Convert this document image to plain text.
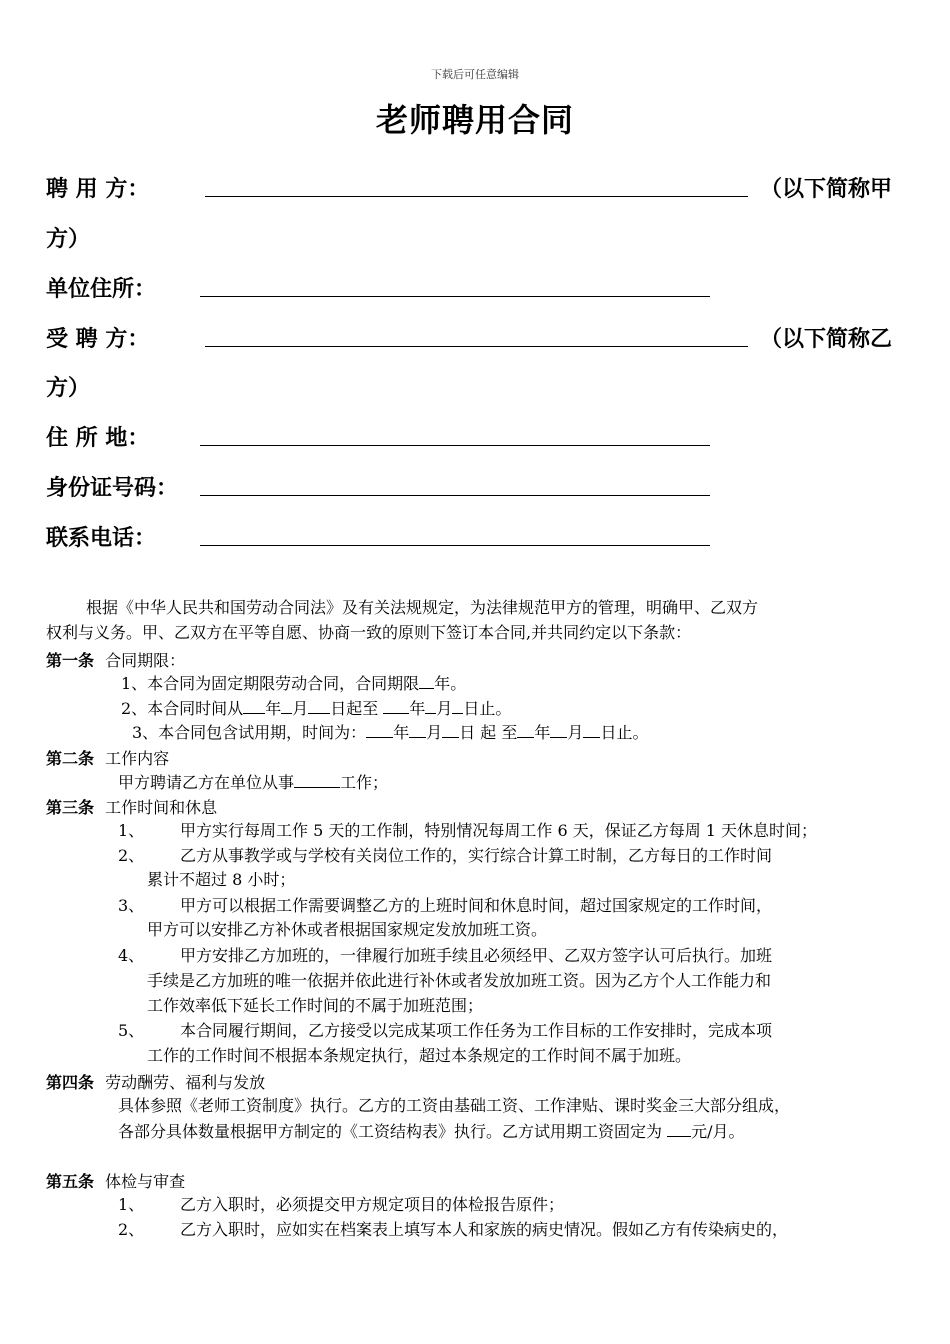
下载后可任意编辑
老师聘用合同
聘 用 方：	（以下简称甲
方）
单位住所：
受 聘 方：	（以下简称乙
方）
住 所 地：
身份证号码：
联系电话：
根据《中华人民共和国劳动合同法》及有关法规规定，为法律规范甲方的管理，明确甲、乙双方
权利与义务。甲、乙双方在平等自愿、协商一致的原则下签订本合同,并共同约定以下条款：
第一条 合同期限：
1、本合同为固定期限劳动合同，合同期限 年。
2、本合同时间从 年 月 日起至 年 月 日止。
3、本合同包含试用期，时间为： 年 月 日 起 至 年 月 日止。
第二条 工作内容
甲方聘请乙方在单位从事	工作；
第三条 工作时间和休息
1、 甲方实行每周工作 5 天的工作制，特别情况每周工作 6 天，保证乙方每周 1 天休息时间；
2、 乙方从事教学或与学校有关岗位工作的，实行综合计算工时制，乙方每日的工作时间
累计不超过 8 小时；
3、 甲方可以根据工作需要调整乙方的上班时间和休息时间，超过国家规定的工作时间，
甲方可以安排乙方补休或者根据国家规定发放加班工资。
4、 甲方安排乙方加班的，一律履行加班手续且必须经甲、乙双方签字认可后执行。加班
手续是乙方加班的唯一依据并依此进行补休或者发放加班工资。因为乙方个人工作能力和
工作效率低下延长工作时间的不属于加班范围；
5、 本合同履行期间，乙方接受以完成某项工作任务为工作目标的工作安排时，完成本项
工作的工作时间不根据本条规定执行，超过本条规定的工作时间不属于加班。
第四条 劳动酬劳、福利与发放
具体参照《老师工资制度》执行。乙方的工资由基础工资、工作津贴、课时奖金三大部分组成，
各部分具体数量根据甲方制定的《工资结构表》执行。乙方试用期工资固定为 元/月。
第五条 体检与审查
1、 乙方入职时，必须提交甲方规定项目的体检报告原件；
2、 乙方入职时，应如实在档案表上填写本人和家族的病史情况。假如乙方有传染病史的，
